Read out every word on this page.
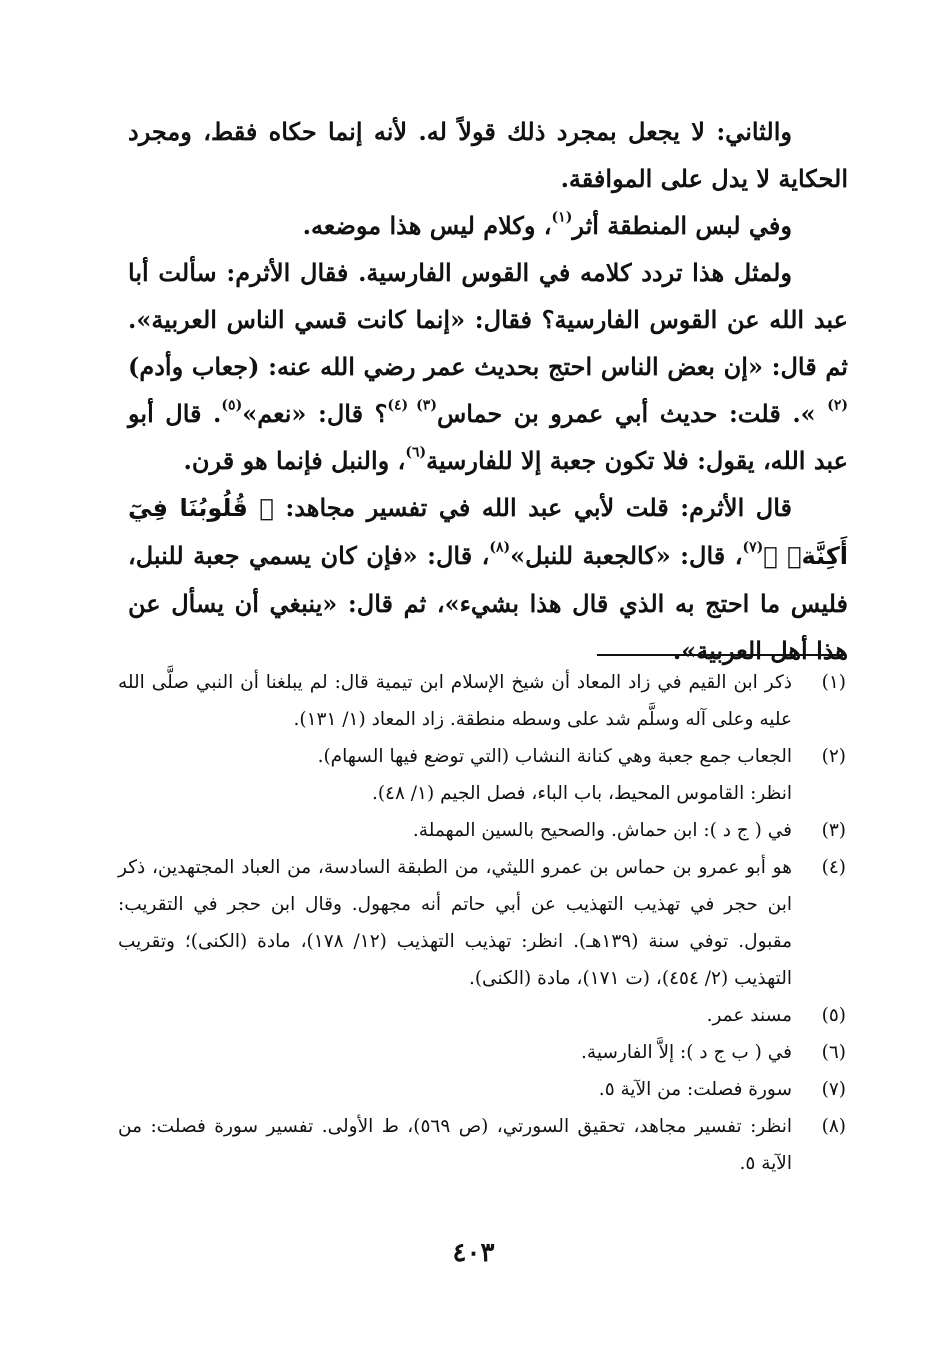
والثاني: لا يجعل بمجرد ذلك قولاً له. لأنه إنما حكاه فقط، ومجرد الحكاية لا يدل على الموافقة.

وفي لبس المنطقة أثر$^{(١)}$، وكلام ليس هذا موضعه.

ولمثل هذا تردد كلامه في القوس الفارسية. فقال الأثرم: سألت أبا عبد الله عن القوس الفارسية؟ فقال: «إنما كانت قسي الناس العربية». ثم قال: «إن بعض الناس احتج بحديث عمر رضي الله عنه: (جعاب وأدم)$^{(٢)}$ ». قلت: حديث أبي عمرو بن حماس$^{(٣) (٤)}$؟ قال: «نعم»$^{(٥)}$. قال أبو عبد الله، يقول: فلا تكون جعبة إلا للفارسية$^{(٦)}$، والنبل فإنما هو قرن.

قال الأثرم: قلت لأبي عبد الله في تفسير مجاهد: ﴿ قُلُوبُنَا فِيٓ أَكِنَّةٖ ﴾$^{(٧)}$، قال: «كالجعبة للنبل»$^{(٨)}$، قال: «فإن كان يسمي جعبة للنبل، فليس ما احتج به الذي قال هذا بشيء»، ثم قال: «ينبغي أن يسأل عن هذا أهل العربية».

(١)
ذكر ابن القيم في زاد المعاد أن شيخ الإسلام ابن تيمية قال: لم يبلغنا أن النبي صلَّى الله عليه وعلى آله وسلَّم شد على وسطه منطقة. زاد المعاد (١/ ١٣١).
(٢)
الجعاب جمع جعبة وهي كنانة النشاب (التي توضع فيها السهام).
انظر: القاموس المحيط، باب الباء، فصل الجيم (١/ ٤٨).
(٣)
في ( ج د ): ابن حماش. والصحيح بالسين المهملة.
(٤)
هو أبو عمرو بن حماس بن عمرو الليثي، من الطبقة السادسة، من العباد المجتهدين، ذكر ابن حجر في تهذيب التهذيب عن أبي حاتم أنه مجهول. وقال ابن حجر في التقريب: مقبول. توفي سنة (١٣٩هـ). انظر: تهذيب التهذيب (١٢/ ١٧٨)، مادة (الكنى)؛ وتقريب التهذيب (٢/ ٤٥٤)، (ت ١٧١)، مادة (الكنى).
(٥)
مسند عمر.
(٦)
في ( ب ج د ): إلاَّ الفارسية.
(٧)
سورة فصلت: من الآية ٥.
(٨)
انظر: تفسير مجاهد، تحقيق السورتي، (ص ٥٦٩)، ط الأولى. تفسير سورة فصلت: من الآية ٥.
٤٠٣
